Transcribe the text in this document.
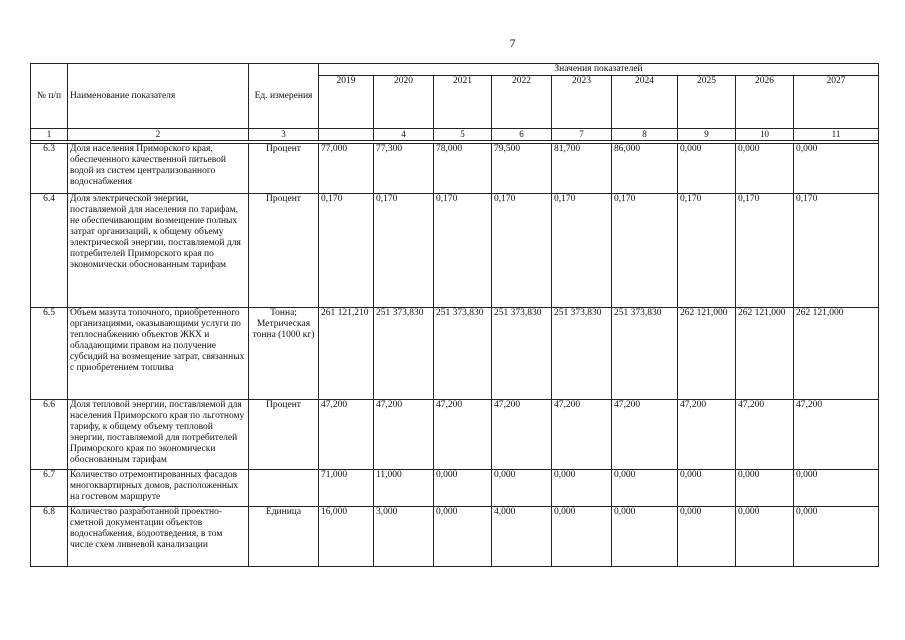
7
№ п/п	Наименование показателя	Ед. измерения	Значения показателей								
			2019	2020	2021	2022	2023	2024	2025	2026	2027
1	2	3		4	5	6	7	8	9	10	11

6.3	Доля населения Приморского края, обеспеченного качественной питьевой водой из систем централизованного водоснабжения	Процент	77,000	77,300	78,000	79,500	81,700	86,000	0,000	0,000	0,000
6.4	Доля электрической энергии, поставляемой для населения по тарифам, не обеспечивающим возмещение полных затрат организаций, к общему объему электрической энергии, поставляемой для потребителей Приморского края по экономически обоснованным тарифам	Процент	0,170	0,170	0,170	0,170	0,170	0,170	0,170	0,170	0,170
6.5	Объем мазута топочного, приобретенного организациями, оказывающими услуги по теплоснабжению объектов ЖКХ и обладающими правом на получение субсидий на возмещение затрат, связанных с приобретением топлива	Тонна; Метрическая тонна (1000 кг)	261 121,210	251 373,830	251 373,830	251 373,830	251 373,830	251 373,830	262 121,000	262 121,000	262 121,000
6.6	Доля тепловой энергии, поставляемой для населения Приморского края по льготному тарифу, к общему объему тепловой энергии, поставляемой для потребителей Приморского края по экономически обоснованным тарифам	Процент	47,200	47,200	47,200	47,200	47,200	47,200	47,200	47,200	47,200
6.7	Количество отремонтированных фасадов многоквартирных домов, расположенных на гостевом маршруте		71,000	11,000	0,000	0,000	0,000	0,000	0,000	0,000	0,000
6.8	Количество разработанной проектно-сметной документации объектов водоснабжения, водоотведения, в том числе схем ливневой канализации	Единица	16,000	3,000	0,000	4,000	0,000	0,000	0,000	0,000	0,000
